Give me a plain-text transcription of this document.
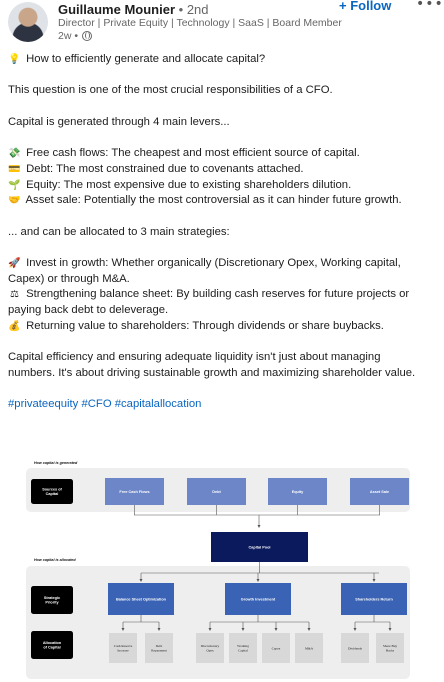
Guillaume Mounier • 2nd
Director | Private Equity | Technology | SaaS | Board Member
2w •
+ Follow •••

💡 How to efficiently generate and allocate capital?

This question is one of the most crucial responsibilities of a CFO.

Capital is generated through 4 main levers...

💸 Free cash flows: The cheapest and most efficient source of capital.

💳 Debt: The most constrained due to covenants attached.

🌱 Equity: The most expensive due to existing shareholders dilution.

🤝 Asset sale: Potentially the most controversial as it can hinder future growth.

... and can be allocated to 3 main strategies:

🚀 Invest in growth: Whether organically (Discretionary Opex, Working capital, Capex) or through M&A.

⚖ Strengthening balance sheet: By building cash reserves for future projects or paying back debt to deleverage.

💰 Returning value to shareholders: Through dividends or share buybacks.

Capital efficiency and ensuring adequate liquidity isn't just about managing numbers. It's about driving sustainable growth and maximizing shareholder value.

#privateequity #CFO #capitalallocation

How capital is generated
Sources of
Capital	Free Cash Flows	Debt	Equity	Asset Sale
Capital Pool
How capital is allocated
Strategic
Priority
Balance Sheet Optimization	Growth Investment	Shareholders Return
Allocation
of Capital	Cash Reserve
Increase
Debt
Repayment
Discretionary
Opex
Working
Capital
Capex	M&A	Dividends
Share Buy
Backs
